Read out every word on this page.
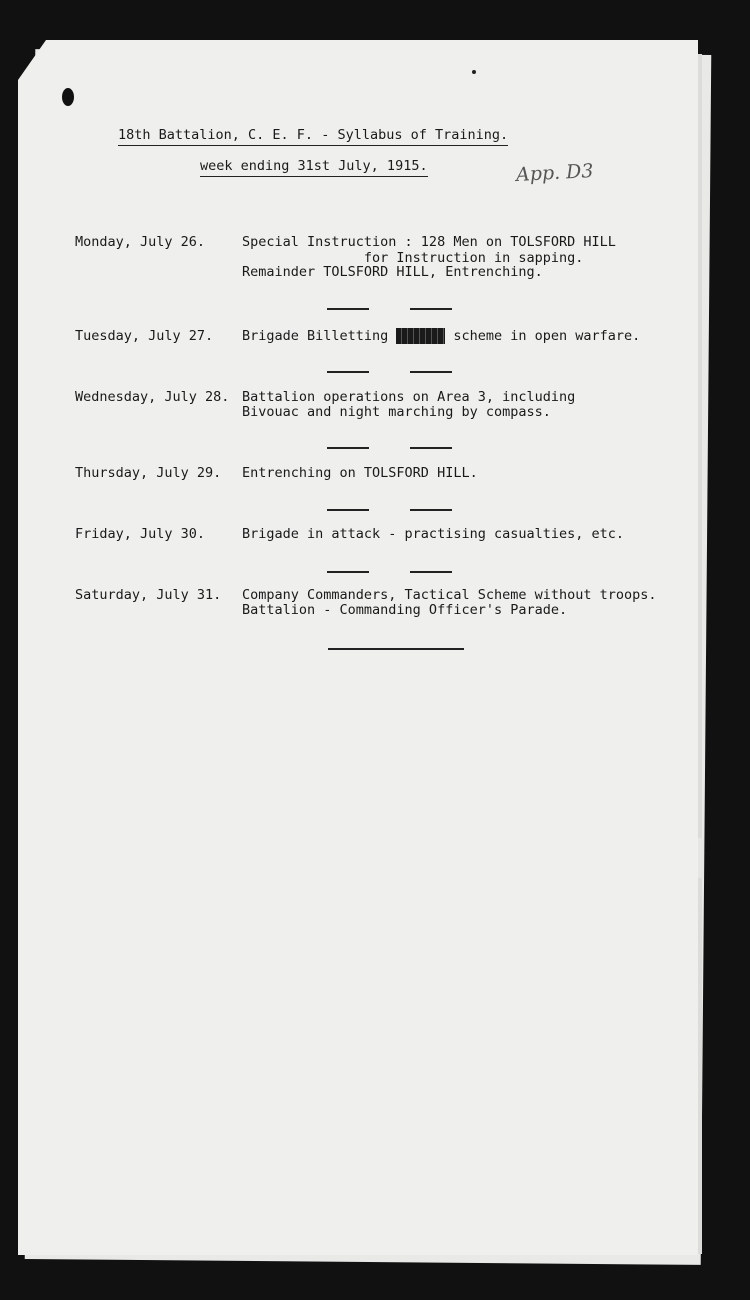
18th Battalion, C. E. F. - Syllabus of Training.
week ending 31st July, 1915.	App. D3
Monday, July 26.	Special Instruction : 128 Men on TOLSFORD HILL
for Instruction in sapping.
Remainder TOLSFORD HILL, Entrenching.
Tuesday, July 27. Brigade Billetting	scheme in open warfare.
Wednesday, July 28. Battalion operations on Area 3, including
Bivouac and night marching by compass.
Thursday, July 29. Entrenching on TOLSFORD HILL.
Friday, July 30.	Brigade in attack - practising casualties, etc.
Saturday, July 31. Company Commanders, Tactical Scheme without troops.
Battalion - Commanding Officer's Parade.
